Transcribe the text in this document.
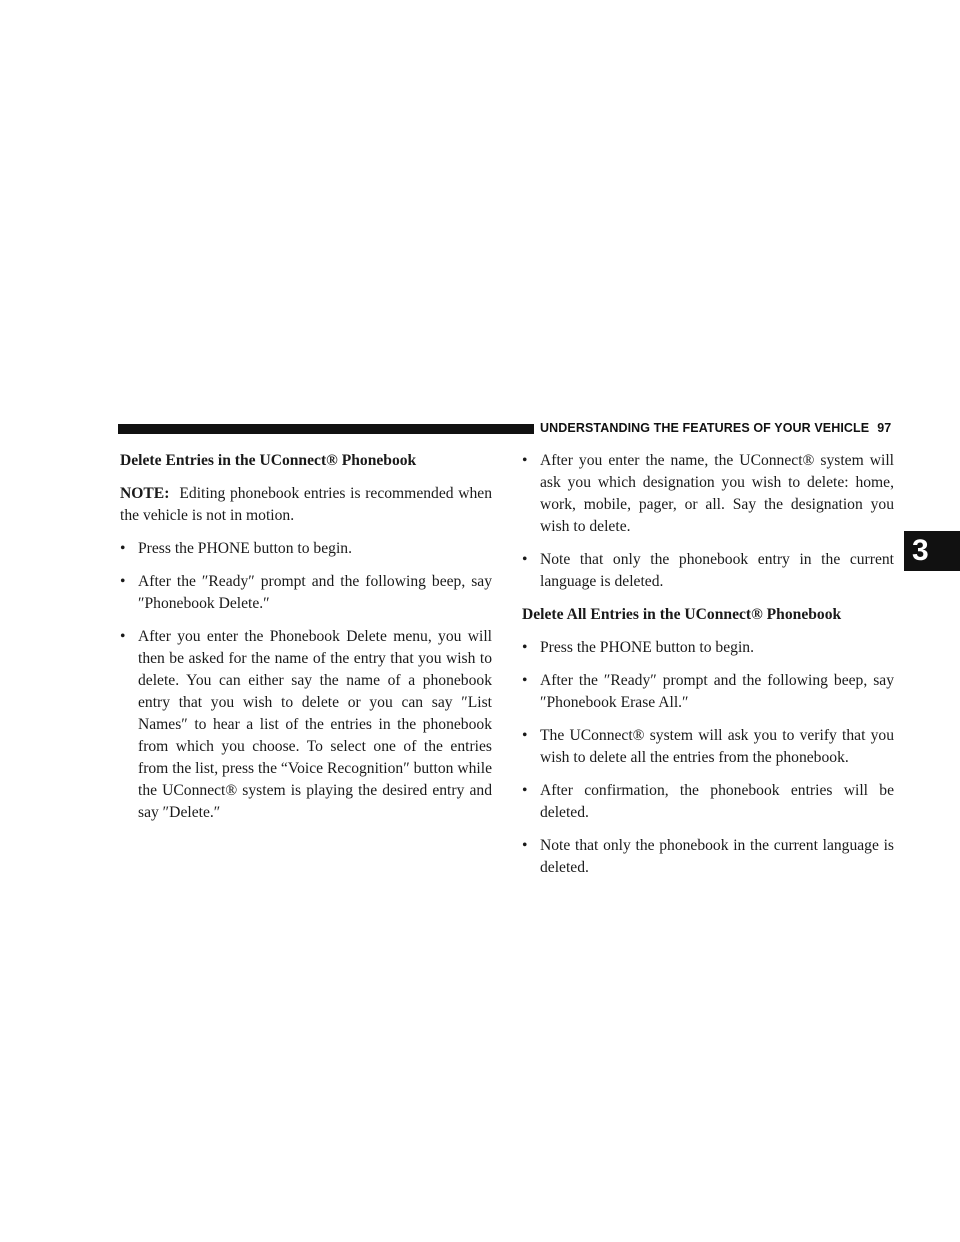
UNDERSTANDING THE FEATURES OF YOUR VEHICLE 97
3

Delete Entries in the UConnect® Phonebook

NOTE: Editing phonebook entries is recommended when the vehicle is not in motion.

• Press the PHONE button to begin.
• After the ″Ready″ prompt and the following beep, say ″Phonebook Delete.″
• After you enter the Phonebook Delete menu, you will then be asked for the name of the entry that you wish to delete. You can either say the name of a phonebook entry that you wish to delete or you can say ″List Names″ to hear a list of the entries in the phonebook from which you choose. To select one of the entries from the list, press the “Voice Recognition″ button while the UConnect® system is playing the desired entry and say ″Delete.″
• After you enter the name, the UConnect® system will ask you which designation you wish to delete: home, work, mobile, pager, or all. Say the designation you wish to delete.
• Note that only the phonebook entry in the current language is deleted.

Delete All Entries in the UConnect® Phonebook

• Press the PHONE button to begin.
• After the ″Ready″ prompt and the following beep, say ″Phonebook Erase All.″
• The UConnect® system will ask you to verify that you wish to delete all the entries from the phonebook.
• After confirmation, the phonebook entries will be deleted.
• Note that only the phonebook in the current language is deleted.
